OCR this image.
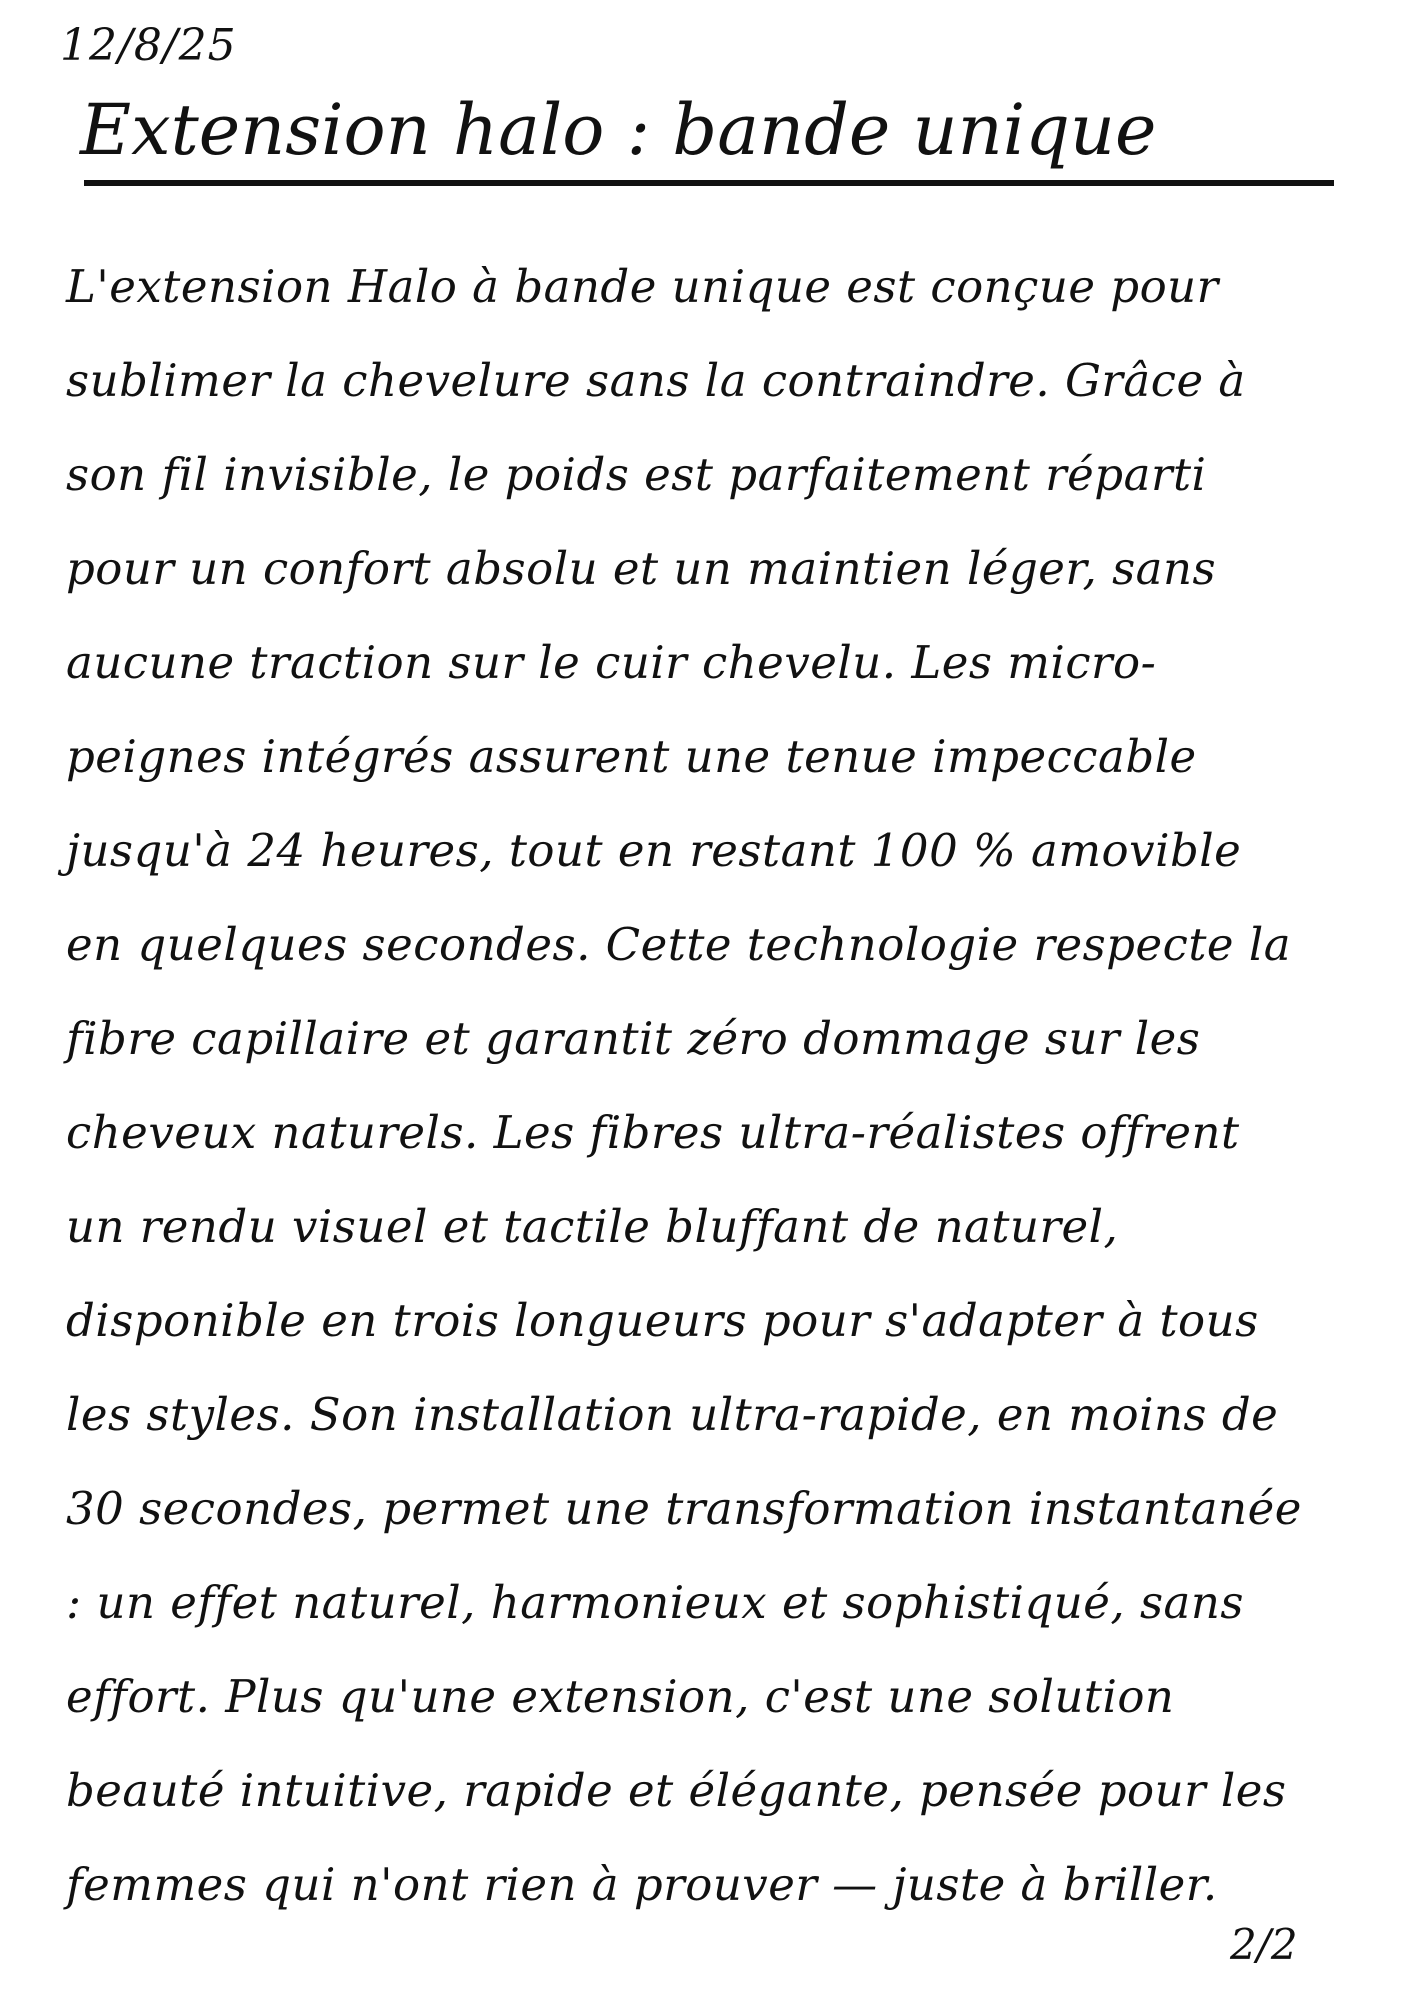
12/8/25
Extension halo : bande unique
L'extension Halo à bande unique est conçue pour
sublimer la chevelure sans la contraindre. Grâce à
son fil invisible, le poids est parfaitement réparti
pour un confort absolu et un maintien léger, sans
aucune traction sur le cuir chevelu. Les micro-
peignes intégrés assurent une tenue impeccable
jusqu'à 24 heures, tout en restant 100 % amovible
en quelques secondes. Cette technologie respecte la
fibre capillaire et garantit zéro dommage sur les
cheveux naturels. Les fibres ultra-réalistes offrent
un rendu visuel et tactile bluffant de naturel,
disponible en trois longueurs pour s'adapter à tous
les styles. Son installation ultra-rapide, en moins de
30 secondes, permet une transformation instantanée
: un effet naturel, harmonieux et sophistiqué, sans
effort. Plus qu'une extension, c'est une solution
beauté intuitive, rapide et élégante, pensée pour les
femmes qui n'ont rien à prouver — juste à briller.
2/2
